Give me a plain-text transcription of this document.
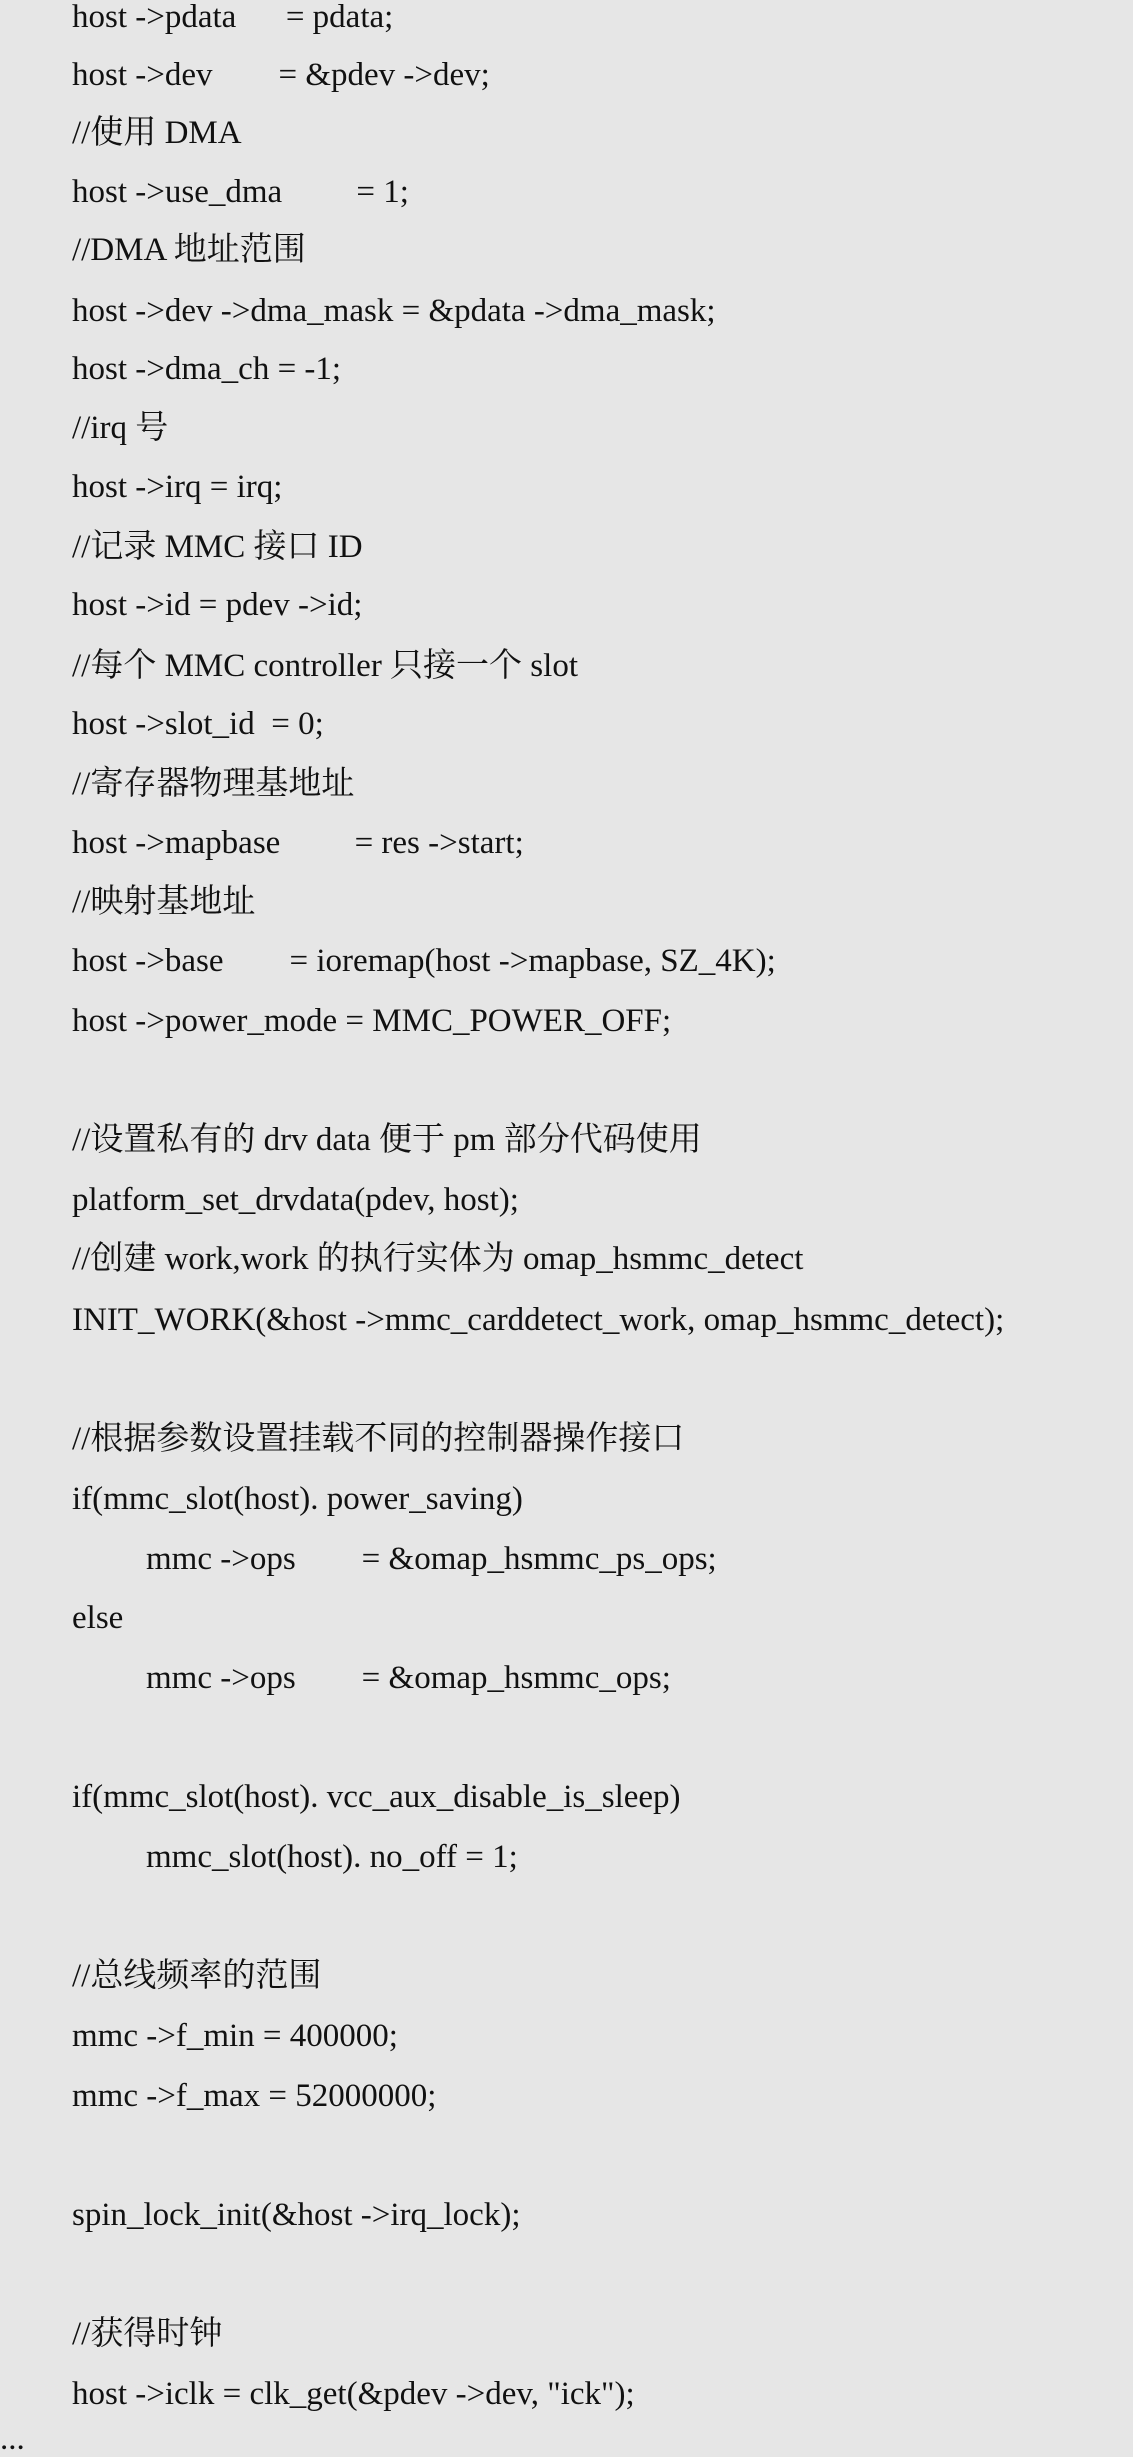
host ->pdata      = pdata;
host ->dev        = &pdev ->dev;
//使用 DMA
host ->use_dma         = 1;
//DMA 地址范围
host ->dev ->dma_mask = &pdata ->dma_mask;
host ->dma_ch = -1;
//irq 号
host ->irq = irq;
//记录 MMC 接口 ID
host ->id = pdev ->id;
//每个 MMC controller 只接一个 slot
host ->slot_id  = 0;
//寄存器物理基地址
host ->mapbase         = res ->start;
//映射基地址
host ->base        = ioremap(host ->mapbase, SZ_4K);
host ->power_mode = MMC_POWER_OFF;
//设置私有的 drv data 便于 pm 部分代码使用
platform_set_drvdata(pdev, host);
//创建 work,work 的执行实体为 omap_hsmmc_detect
INIT_WORK(&host ->mmc_carddetect_work, omap_hsmmc_detect);
//根据参数设置挂载不同的控制器操作接口
if(mmc_slot(host). power_saving)
mmc ->ops        = &omap_hsmmc_ps_ops;
else
mmc ->ops        = &omap_hsmmc_ops;
if(mmc_slot(host). vcc_aux_disable_is_sleep)
mmc_slot(host). no_off = 1;
//总线频率的范围
mmc ->f_min = 400000;
mmc ->f_max = 52000000;
spin_lock_init(&host ->irq_lock);
//获得时钟
host ->iclk = clk_get(&pdev ->dev, "ick");
...
